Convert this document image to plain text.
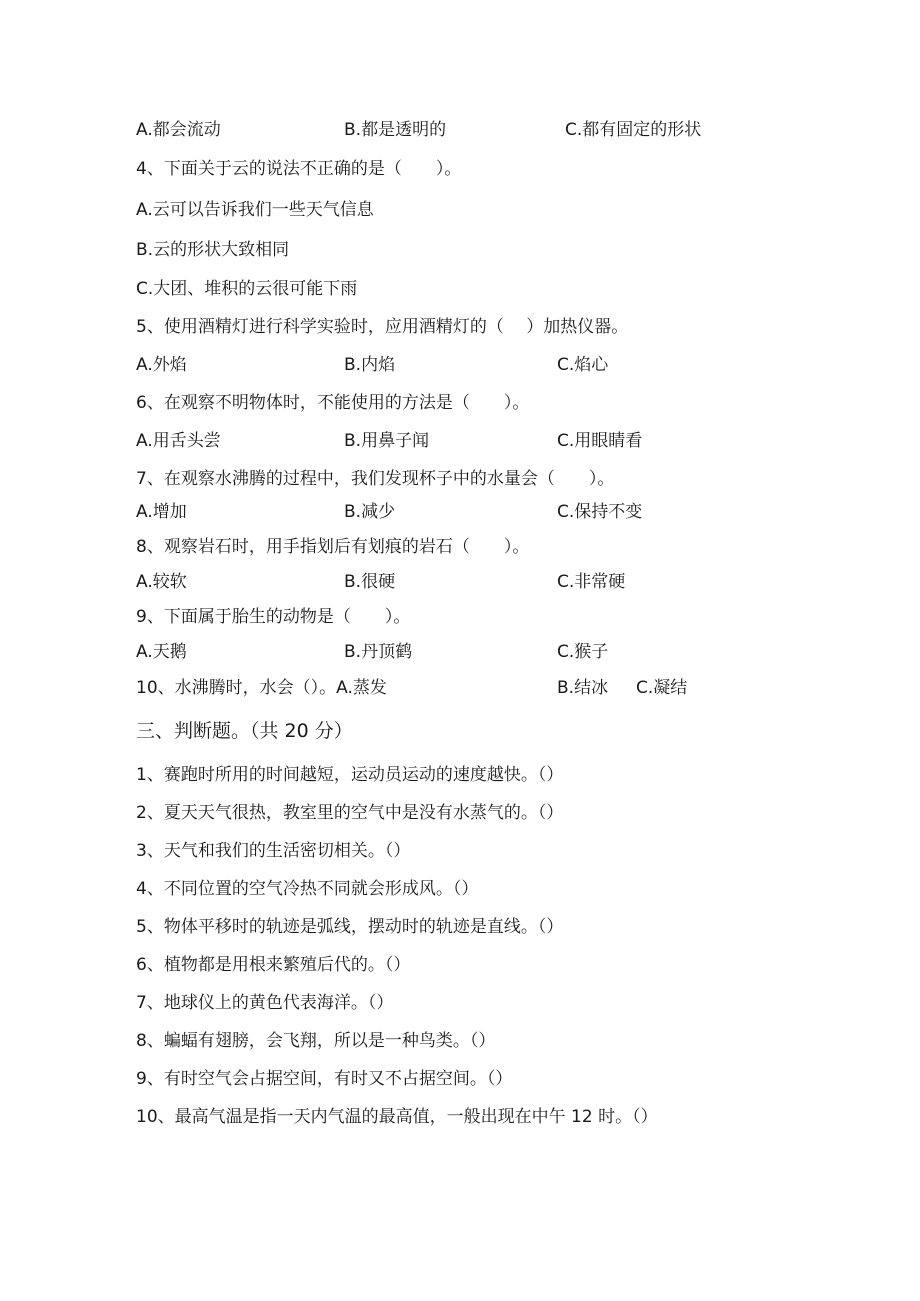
A.都会流动	B.都是透明的	C.都有固定的形状
4、下面关于云的说法不正确的是（　　）。
A.云可以告诉我们一些天气信息
B.云的形状大致相同
C.大团、堆积的云很可能下雨
5、使用酒精灯进行科学实验时，应用酒精灯的（　 ）加热仪器。
A.外焰	B.内焰	C.焰心
6、在观察不明物体时，不能使用的方法是（　　）。
A.用舌头尝	B.用鼻子闻	C.用眼睛看
7、在观察水沸腾的过程中，我们发现杯子中的水量会（　　）。
A.增加	B.减少	C.保持不变
8、观察岩石时，用手指划后有划痕的岩石（　　）。
A.较软	B.很硬	C.非常硬
9、下面属于胎生的动物是（　　）。
A.天鹅	B.丹顶鹤	C.猴子
10、水沸腾时，水会（）。A.蒸发	B.结冰 C.凝结
三、判断题。（共 20 分）
1、赛跑时所用的时间越短，运动员运动的速度越快。（）
2、夏天天气很热，教室里的空气中是没有水蒸气的。（）
3、天气和我们的生活密切相关。（）
4、不同位置的空气冷热不同就会形成风。（）
5、物体平移时的轨迹是弧线，摆动时的轨迹是直线。（）
6、植物都是用根来繁殖后代的。（）
7、地球仪上的黄色代表海洋。（）
8、蝙蝠有翅膀，会飞翔，所以是一种鸟类。（）
9、有时空气会占据空间，有时又不占据空间。（）
10、最高气温是指一天内气温的最高值，一般出现在中午 12 时。（）
